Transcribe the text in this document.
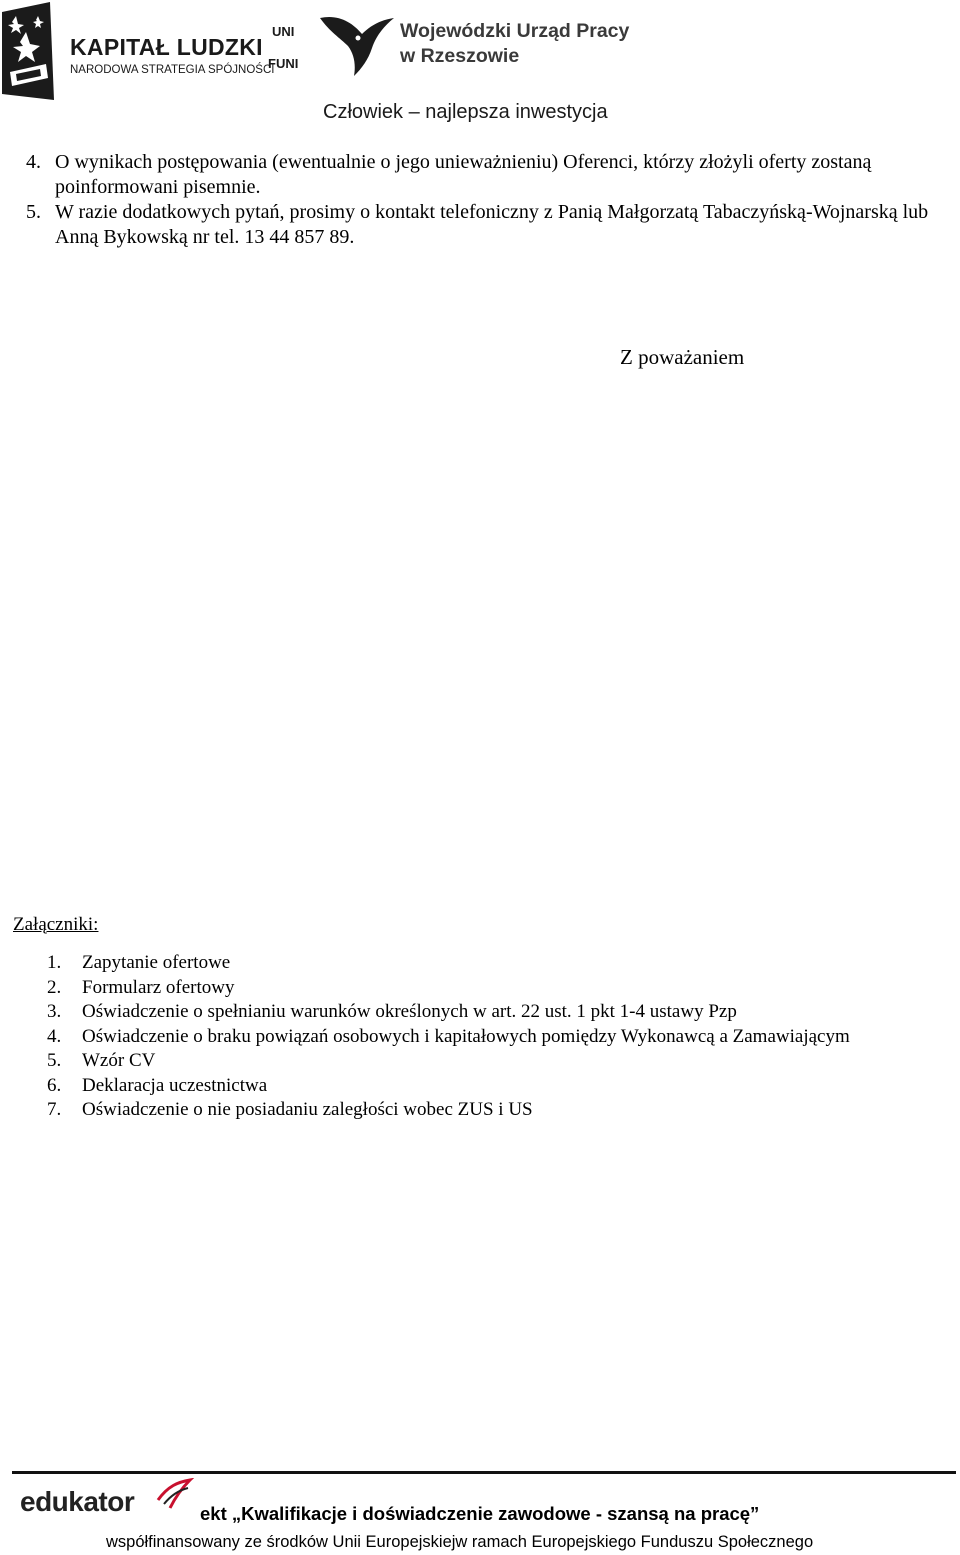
KAPITAŁ LUDZKI
NARODOWA STRATEGIA SPÓJNOŚCI
UNI
FUNI
Wojewódzki Urząd Pracy
w Rzeszowie
Człowiek – najlepsza inwestycja
4. O wynikach postępowania (ewentualnie o jego unieważnieniu) Oferenci, którzy złożyli oferty zostaną poinformowani pisemnie.
5. W razie dodatkowych pytań, prosimy o kontakt telefoniczny z Panią Małgorzatą Tabaczyńską-Wojnarską lub Anną Bykowską nr tel. 13 44 857 89.
Z poważaniem
Załączniki:
1. Zapytanie ofertowe
2. Formularz ofertowy
3. Oświadczenie o spełnianiu warunków określonych w art. 22 ust. 1 pkt 1-4 ustawy Pzp
4. Oświadczenie o braku powiązań osobowych i kapitałowych pomiędzy Wykonawcą a Zamawiającym
5. Wzór CV
6. Deklaracja uczestnictwa
7. Oświadczenie o nie posiadaniu zaległości wobec ZUS i US
edukator	ekt „Kwalifikacje i doświadczenie zawodowe - szansą na pracę”
współfinansowany ze środków Unii Europejskiejw ramach Europejskiego Funduszu Społecznego
